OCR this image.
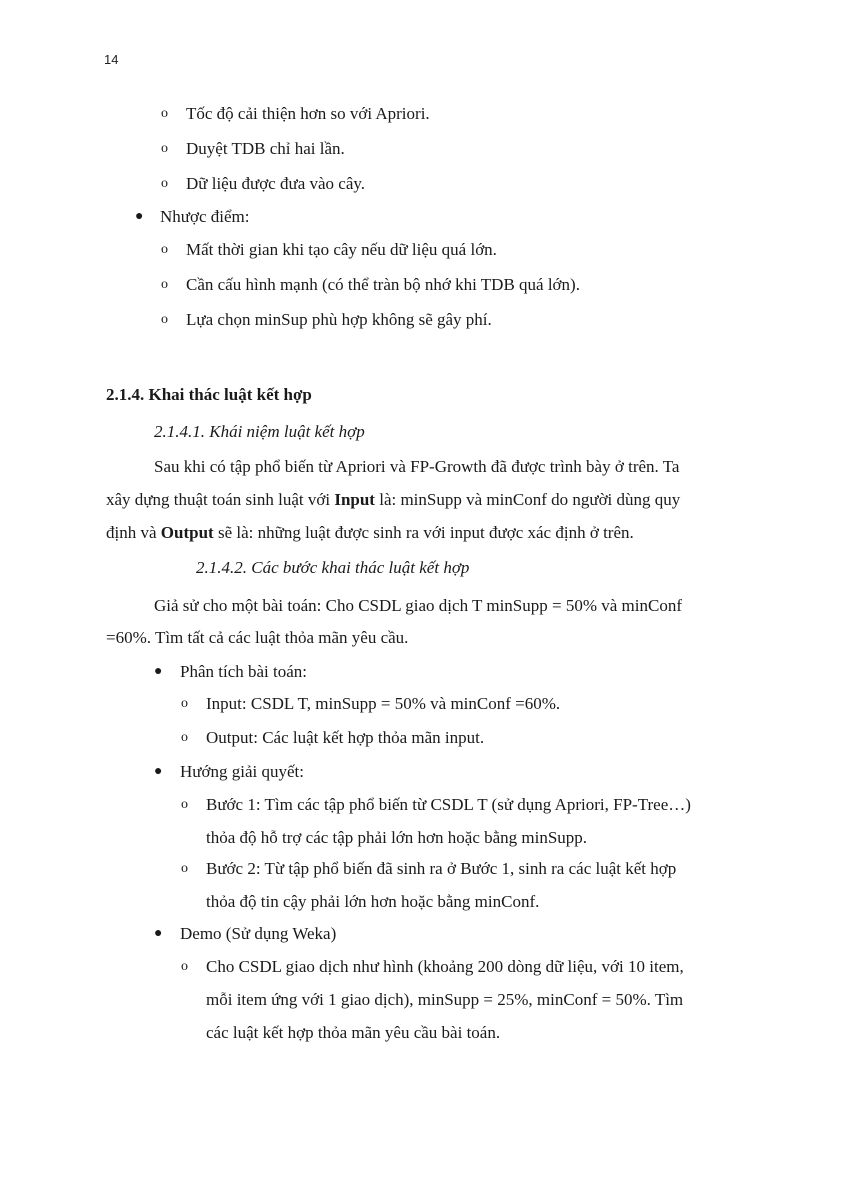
14
o Tốc độ cải thiện hơn so với Apriori.
o Duyệt TDB chỉ hai lần.
o Dữ liệu được đưa vào cây.
● Nhược điểm:
o Mất thời gian khi tạo cây nếu dữ liệu quá lớn.
o Cần cấu hình mạnh (có thể tràn bộ nhớ khi TDB quá lớn).
o Lựa chọn minSup phù hợp không sẽ gây phí.
2.1.4. Khai thác luật kết hợp
2.1.4.1. Khái niệm luật kết hợp
Sau khi có tập phổ biến từ Apriori và FP-Growth đã được trình bày ở trên. Ta
xây dựng thuật toán sinh luật với Input là: minSupp và minConf do người dùng quy
định và Output sẽ là: những luật được sinh ra với input được xác định ở trên.
2.1.4.2. Các bước khai thác luật kết hợp
Giả sử cho một bài toán: Cho CSDL giao dịch T minSupp = 50% và minConf
=60%. Tìm tất cả các luật thỏa mãn yêu cầu.
● Phân tích bài toán:
o Input: CSDL T, minSupp = 50% và minConf =60%.
o Output: Các luật kết hợp thỏa mãn input.
● Hướng giải quyết:
o Bước 1: Tìm các tập phổ biến từ CSDL T (sử dụng Apriori, FP-Tree…)
thỏa độ hỗ trợ các tập phải lớn hơn hoặc bằng minSupp.
o Bước 2: Từ tập phổ biến đã sinh ra ở Bước 1, sinh ra các luật kết hợp
thỏa độ tin cậy phải lớn hơn hoặc bằng minConf.
● Demo (Sử dụng Weka)
o Cho CSDL giao dịch như hình (khoảng 200 dòng dữ liệu, với 10 item,
mỗi item ứng với 1 giao dịch), minSupp = 25%, minConf = 50%. Tìm
các luật kết hợp thỏa mãn yêu cầu bài toán.
